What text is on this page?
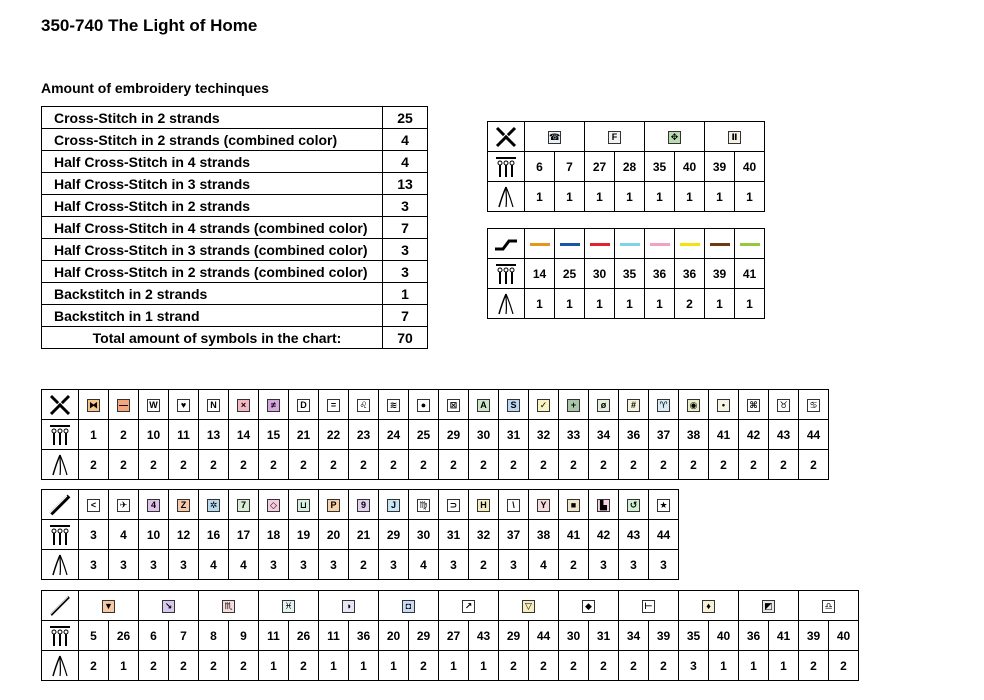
350-740 The Light of Home
Amount of embroidery techinques
Cross-Stitch in 2 strands	25
Cross-Stitch in 2 strands (combined color)	4
Half Cross-Stitch in 4 strands	4
Half Cross-Stitch in 3 strands	13
Half Cross-Stitch in 2 strands	3
Half Cross-Stitch in 4 strands (combined color)	7
Half Cross-Stitch in 3 strands (combined color)	3
Half Cross-Stitch in 2 strands (combined color)	3
Backstitch in 2 strands	1
Backstitch in 1 strand	7
Total amount of symbols in the chart:	70
	☎		F		✥		Ⅱ	

	6	7	27	28	35	40	39	40

	1	1	1	1	1	1	1	1

	14	25	30	35	36	36	39	41

	1	1	1	1	1	2	1	1
	⧓	—	W	♥	N	×	≠	D	=	♌	≋	●	⊠	A	S	✓	+	ø	#	♈	◉	•	⌘	♉	♋

	1	2	10	11	13	14	15	21	22	23	24	25	29	30	31	32	33	34	36	37	38	41	42	43	44

	2	2	2	2	2	2	2	2	2	2	2	2	2	2	2	2	2	2	2	2	2	2	2	2	2
	<	✈	4	Z	✲	7	◇	⊔	P	9	J	♍	⊃	H	\	Y	■	▙	↺	★

	3	4	10	12	16	17	18	19	20	21	29	30	31	32	37	38	41	42	43	44

	3	3	3	3	4	4	3	3	3	2	3	4	3	2	3	4	2	3	3	3
	▼		↘		♏		♓		◑		◘		↗		▽		◆		⊢		♦		◩		♎	

	5	26	6	7	8	9	11	26	11	36	20	29	27	43	29	44	30	31	34	39	35	40	36	41	39	40

	2	1	2	2	2	2	1	2	1	1	1	2	1	1	2	2	2	2	2	2	3	1	1	1	2	2
